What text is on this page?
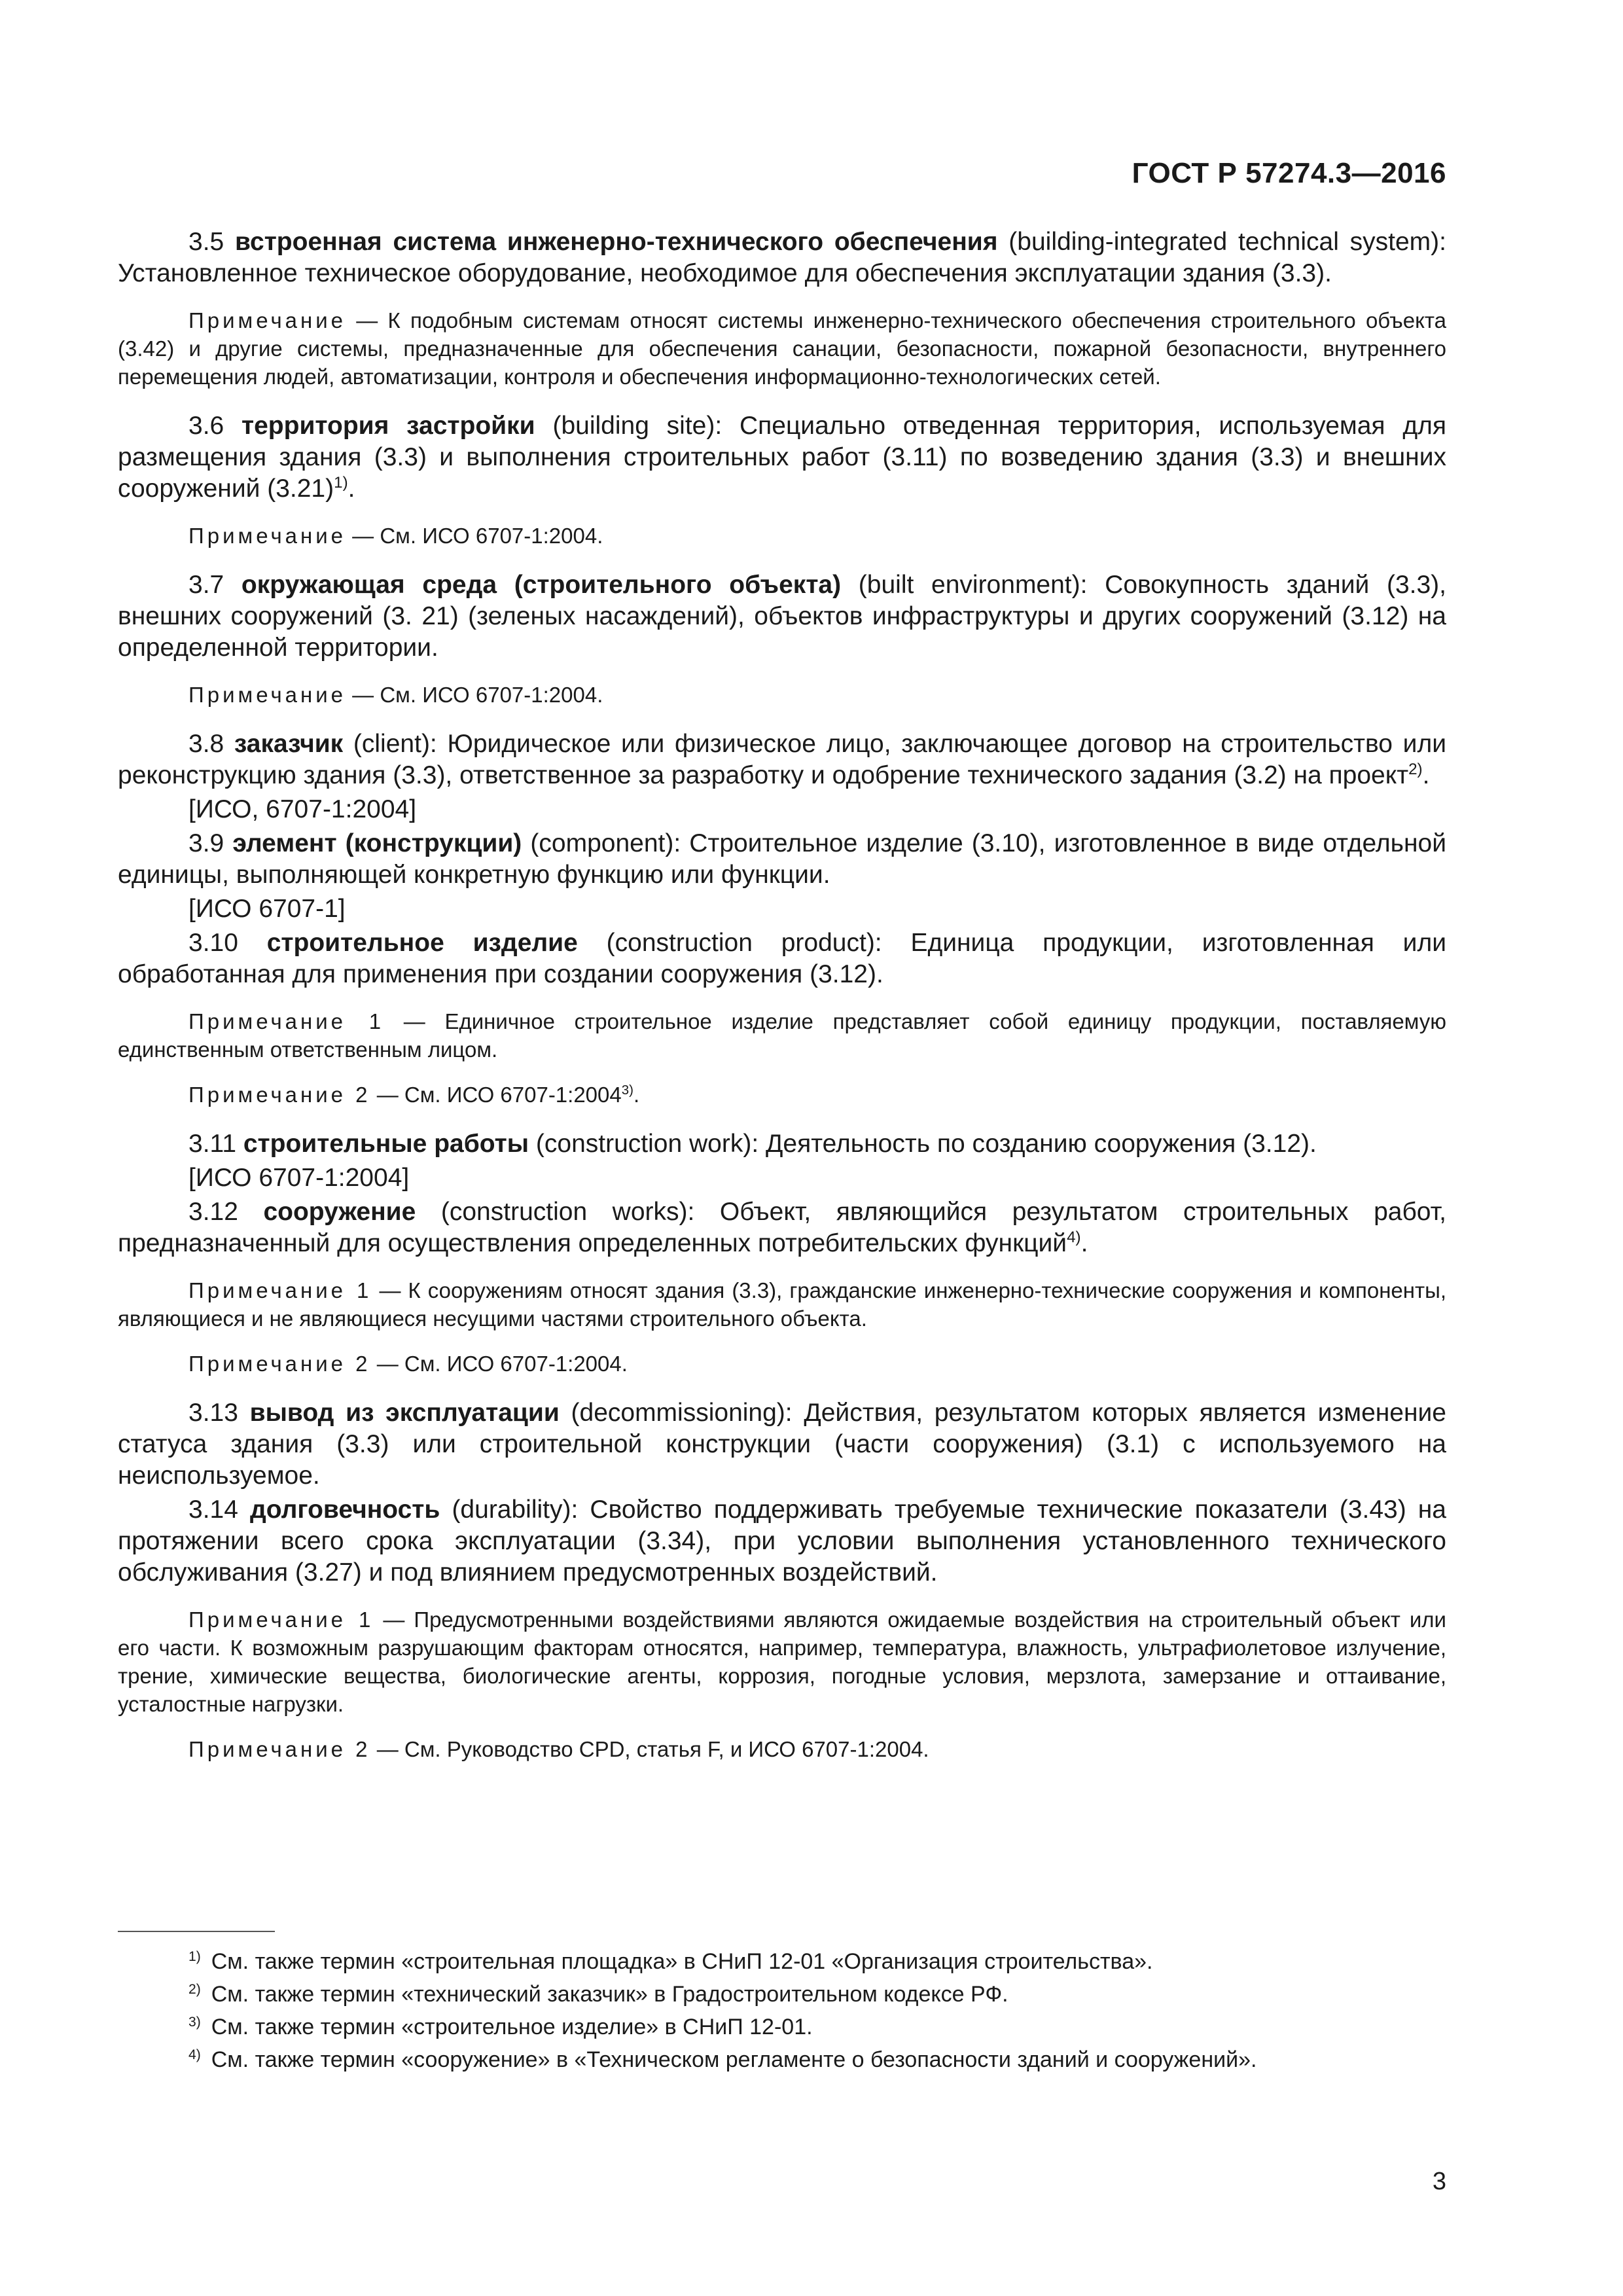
ГОСТ Р 57274.3—2016

3.5 встроенная система инженерно-технического обеспечения (building-integrated technical system): Установленное техническое оборудование, необходимое для обеспечения эксплуатации здания (3.3).

Примечание — К подобным системам относят системы инженерно-технического обеспечения строительного объекта (3.42) и другие системы, предназначенные для обеспечения санации, безопасности, пожарной безопасности, внутреннего перемещения людей, автоматизации, контроля и обеспечения информационно-технологических сетей.

3.6 территория застройки (building site): Специально отведенная территория, используемая для размещения здания (3.3) и выполнения строительных работ (3.11) по возведению здания (3.3) и внешних сооружений $(3.21)^{1)}$.

Примечание — См. ИСО 6707-1:2004.

3.7 окружающая среда (строительного объекта) (built environment): Совокупность зданий (3.3), внешних сооружений (3. 21) (зеленых насаждений), объектов инфраструктуры и других сооружений (3.12) на определенной территории.

Примечание — См. ИСО 6707-1:2004.

3.8 заказчик (client): Юридическое или физическое лицо, заключающее договор на строительство или реконструкцию здания (3.3), ответственное за разработку и одобрение технического задания (3.2) на проект$^{2)}$.

[ИСО, 6707-1:2004]

3.9 элемент (конструкции) (component): Строительное изделие (3.10), изготовленное в виде отдельной единицы, выполняющей конкретную функцию или функции.

[ИСО 6707-1]

3.10 строительное изделие (construction product): Единица продукции, изготовленная или обработанная для применения при создании сооружения (3.12).

Примечание 1 — Единичное строительное изделие представляет собой единицу продукции, поставляемую единственным ответственным лицом.

Примечание 2 — См. ИСО 6707-1:2004$^{3)}$.

3.11 строительные работы (construction work): Деятельность по созданию сооружения (3.12).

[ИСО 6707-1:2004]

3.12 сооружение (construction works): Объект, являющийся результатом строительных работ, предназначенный для осуществления определенных потребительских функций$^{4)}$.

Примечание 1 — К сооружениям относят здания (3.3), гражданские инженерно-технические сооружения и компоненты, являющиеся и не являющиеся несущими частями строительного объекта.

Примечание 2 — См. ИСО 6707-1:2004.

3.13 вывод из эксплуатации (decommissioning): Действия, результатом которых является изменение статуса здания (3.3) или строительной конструкции (части сооружения) (3.1) с используемого на неиспользуемое.

3.14 долговечность (durability): Свойство поддерживать требуемые технические показатели (3.43) на протяжении всего срока эксплуатации (3.34), при условии выполнения установленного технического обслуживания (3.27) и под влиянием предусмотренных воздействий.

Примечание 1 — Предусмотренными воздействиями являются ожидаемые воздействия на строительный объект или его части. К возможным разрушающим факторам относятся, например, температура, влажность, ультрафиолетовое излучение, трение, химические вещества, биологические агенты, коррозия, погодные условия, мерзлота, замерзание и оттаивание, усталостные нагрузки.

Примечание 2 — См. Руководство CPD, статья F, и ИСО 6707-1:2004.

$^{1)}$ См. также термин «строительная площадка» в СНиП 12-01 «Организация строительства».
$^{2)}$ См. также термин «технический заказчик» в Градостроительном кодексе РФ.
$^{3)}$ См. также термин «строительное изделие» в СНиП 12-01.
$^{4)}$ См. также термин «сооружение» в «Техническом регламенте о безопасности зданий и сооружений».
3
